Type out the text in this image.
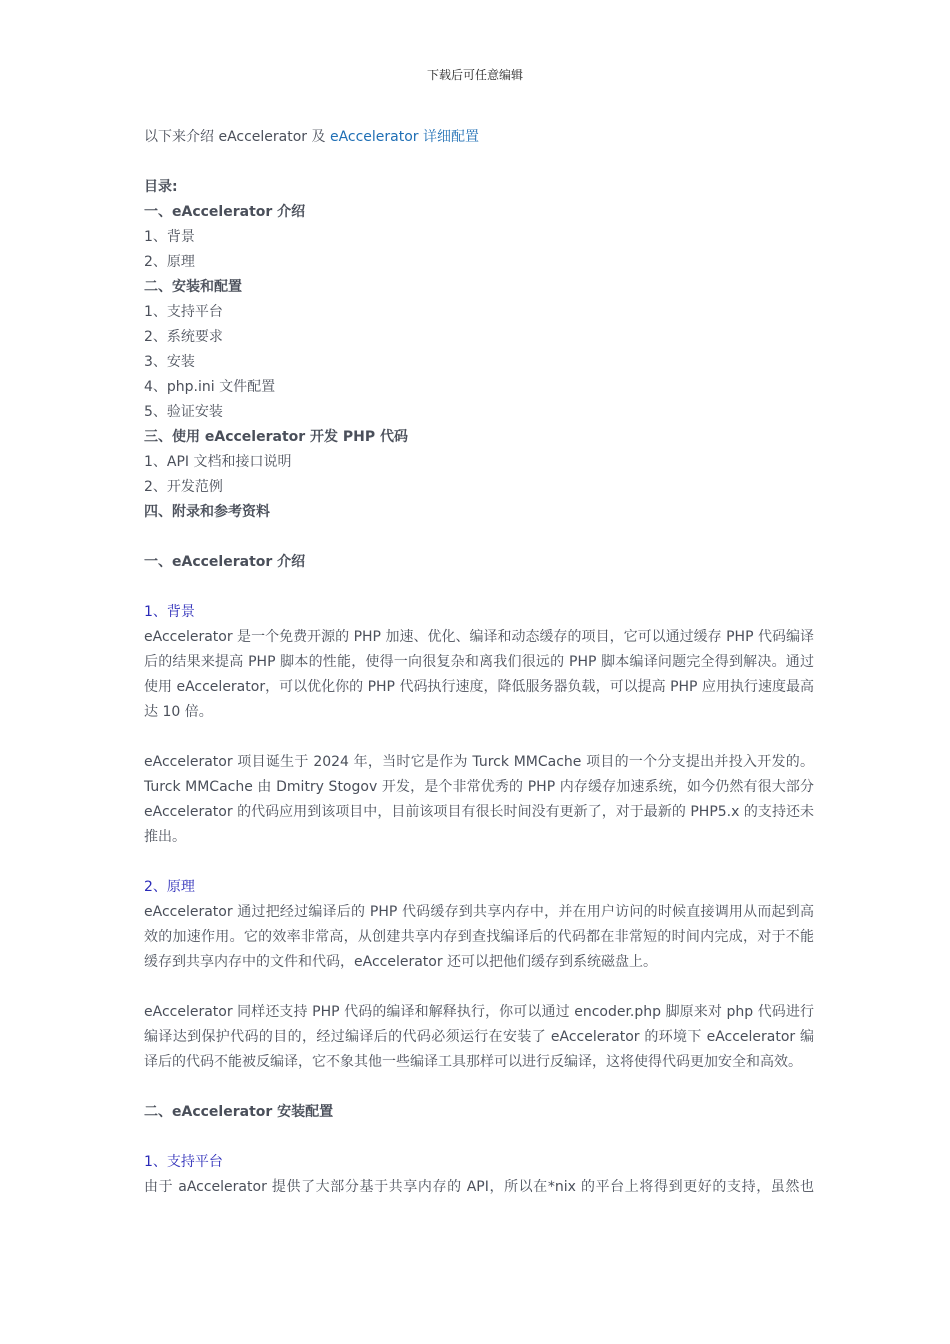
下载后可任意编辑
以下来介绍 eAccelerator 及 eAccelerator 详细配置
目录:
一、eAccelerator 介绍
1、背景
2、原理
二、安装和配置
1、支持平台
2、系统要求
3、安装
4、php.ini 文件配置
5、验证安装
三、使用 eAccelerator 开发 PHP 代码
1、API 文档和接口说明
2、开发范例
四、附录和参考资料
一、eAccelerator 介绍
1、背景
eAccelerator 是一个免费开源的 PHP 加速、优化、编译和动态缓存的项目，它可以通过缓存 PHP 代码编译后的结果来提高 PHP 脚本的性能，使得一向很复杂和离我们很远的 PHP 脚本编译问题完全得到解决。通过使用 eAccelerator，可以优化你的 PHP 代码执行速度，降低服务器负载，可以提高 PHP 应用执行速度最高达 10 倍。
eAccelerator 项目诞生于 2024 年，当时它是作为 Turck MMCache 项目的一个分支提出并投入开发的。 Turck MMCache 由 Dmitry Stogov 开发，是个非常优秀的 PHP 内存缓存加速系统，如今仍然有很大部分 eAccelerator 的代码应用到该项目中，目前该项目有很长时间没有更新了，对于最新的 PHP5.x 的支持还未推出。
2、原理
eAccelerator 通过把经过编译后的 PHP 代码缓存到共享内存中，并在用户访问的时候直接调用从而起到高效的加速作用。它的效率非常高，从创建共享内存到查找编译后的代码都在非常短的时间内完成，对于不能缓存到共享内存中的文件和代码，eAccelerator 还可以把他们缓存到系统磁盘上。
eAccelerator 同样还支持 PHP 代码的编译和解释执行，你可以通过 encoder.php 脚原来对 php 代码进行编译达到保护代码的目的，经过编译后的代码必须运行在安装了 eAccelerator 的环境下 eAccelerator 编译后的代码不能被反编译，它不象其他一些编译工具那样可以进行反编译，这将使得代码更加安全和高效。
二、eAccelerator 安装配置
1、支持平台
由于 aAccelerator 提供了大部分基于共享内存的 API，所以在*nix 的平台上将得到更好的支持，虽然也
